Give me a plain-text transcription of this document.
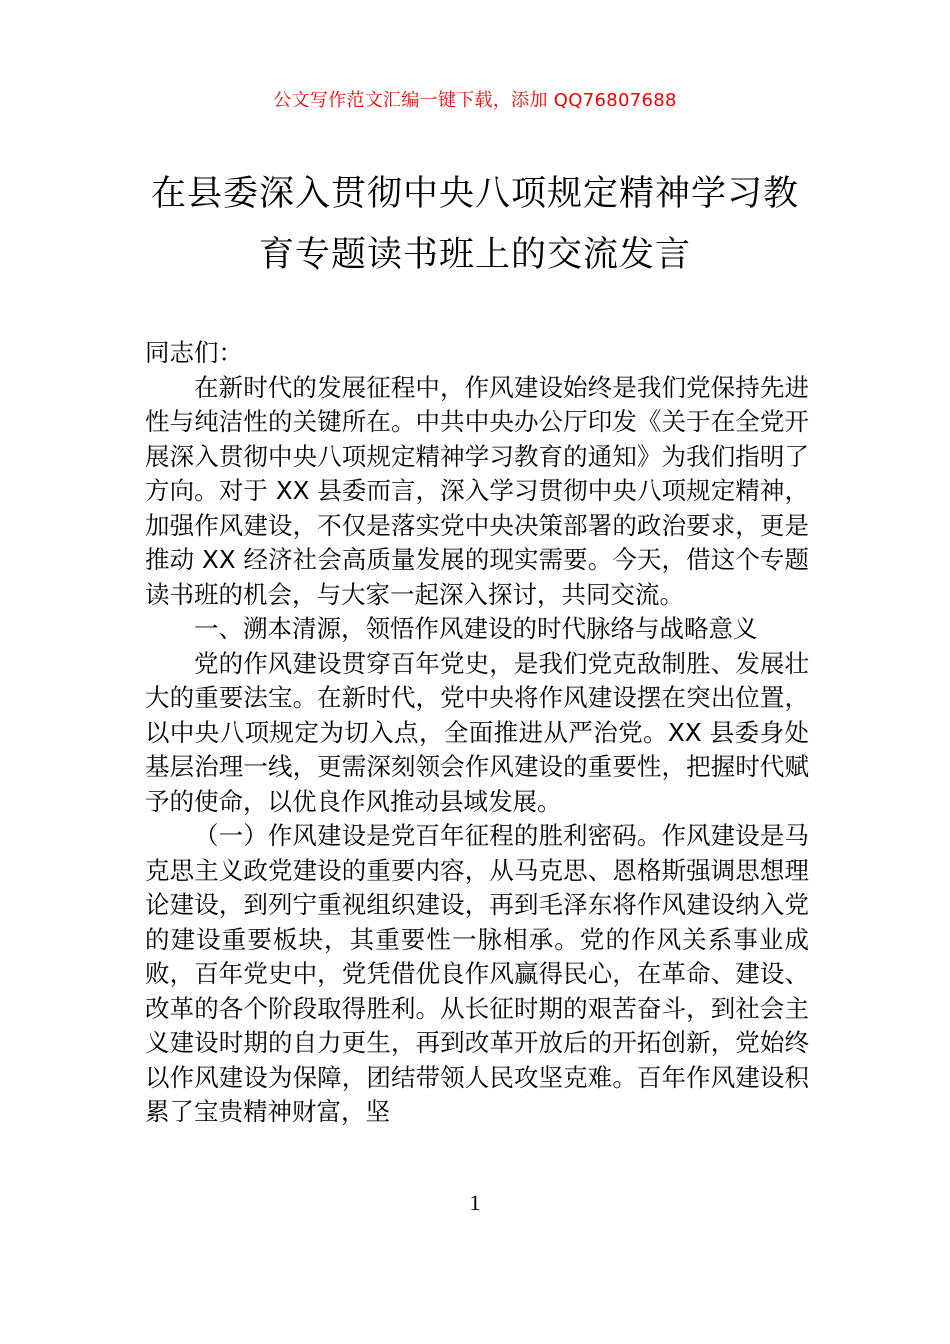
公文写作范文汇编一键下载，添加 QQ76807688
在县委深入贯彻中央八项规定精神学习教育专题读书班上的交流发言

同志们：

在新时代的发展征程中，作风建设始终是我们党保持先进性与纯洁性的关键所在。中共中央办公厅印发《关于在全党开展深入贯彻中央八项规定精神学习教育的通知》为我们指明了方向。对于 XX 县委而言，深入学习贯彻中央八项规定精神，加强作风建设，不仅是落实党中央决策部署的政治要求，更是推动 XX 经济社会高质量发展的现实需要。今天，借这个专题读书班的机会，与大家一起深入探讨，共同交流。

一、溯本清源，领悟作风建设的时代脉络与战略意义

党的作风建设贯穿百年党史，是我们党克敌制胜、发展壮大的重要法宝。在新时代，党中央将作风建设摆在突出位置，以中央八项规定为切入点，全面推进从严治党。XX 县委身处基层治理一线，更需深刻领会作风建设的重要性，把握时代赋予的使命，以优良作风推动县域发展。

（一）作风建设是党百年征程的胜利密码。作风建设是马克思主义政党建设的重要内容，从马克思、恩格斯强调思想理论建设，到列宁重视组织建设，再到毛泽东将作风建设纳入党的建设重要板块，其重要性一脉相承。党的作风关系事业成败，百年党史中，党凭借优良作风赢得民心，在革命、建设、改革的各个阶段取得胜利。从长征时期的艰苦奋斗，到社会主义建设时期的自力更生，再到改革开放后的开拓创新，党始终以作风建设为保障，团结带领人民攻坚克难。百年作风建设积累了宝贵精神财富，坚

1
